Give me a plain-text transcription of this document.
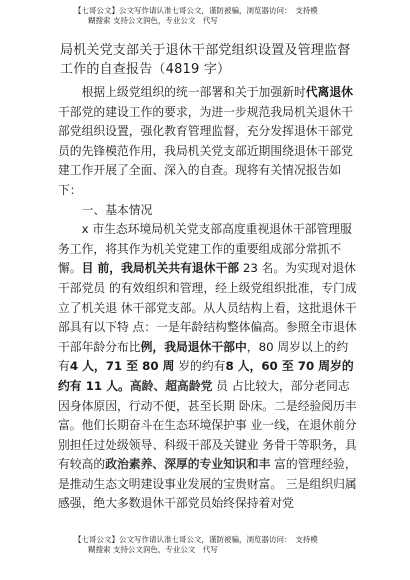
【七哥公文】公文写作请认准七哥公文，谨防被骗，浏览器访问：　支持模
糊搜索 支持公文润色，专业公文　代写
局机关党支部关于退休干部党组织设置及管理监督工作的自查报告（4819 字）

根据上级党组织的统一部署和关于加强新时代离退休干部党的建设工作的要求，为进一步规范我局机关退休干部党组织设置，强化教育管理监督，充分发挥退休干部党员的先锋模范作用，我局机关党支部近期围绕退休干部党建工作开展了全面、深入的自查。现将有关情况报告如下：

一、基本情况

x 市生态环境局机关党支部高度重视退休干部管理服务工作，将其作为机关党建工作的重要组成部分常抓不懈。目 前，我局机关共有退休干部 23 名。为实现对退休干部党员 的有效组织和管理，经上级党组织批准，专门成立了机关退 休干部党支部。从人员结构上看，这批退休干部具有以下特 点：一是年龄结构整体偏高。参照全市退休干部年龄分布比例，我局退休干部中，80 周岁以上的约有4 人，71 至 80 周 岁的约有8 人，60 至 70 周岁的约有 11 人。高龄、超高龄党 员 占比较大，部分老同志因身体原因，行动不便，甚至长期 卧床。二是经验阅历丰富。他们长期奋斗在生态环境保护事 业一线，在退休前分别担任过处级领导、科级干部及关键业 务骨干等职务，具有较高的政治素养、深厚的专业知识和丰 富的管理经验，是推动生态文明建设事业发展的宝贵财富。 三是组织归属感强，绝大多数退休干部党员始终保持着对党

【七哥公文】公文写作请认准七哥公文，谨防被骗，浏览器访问：　支持模
糊搜索 支持公文润色，专业公文　代写
